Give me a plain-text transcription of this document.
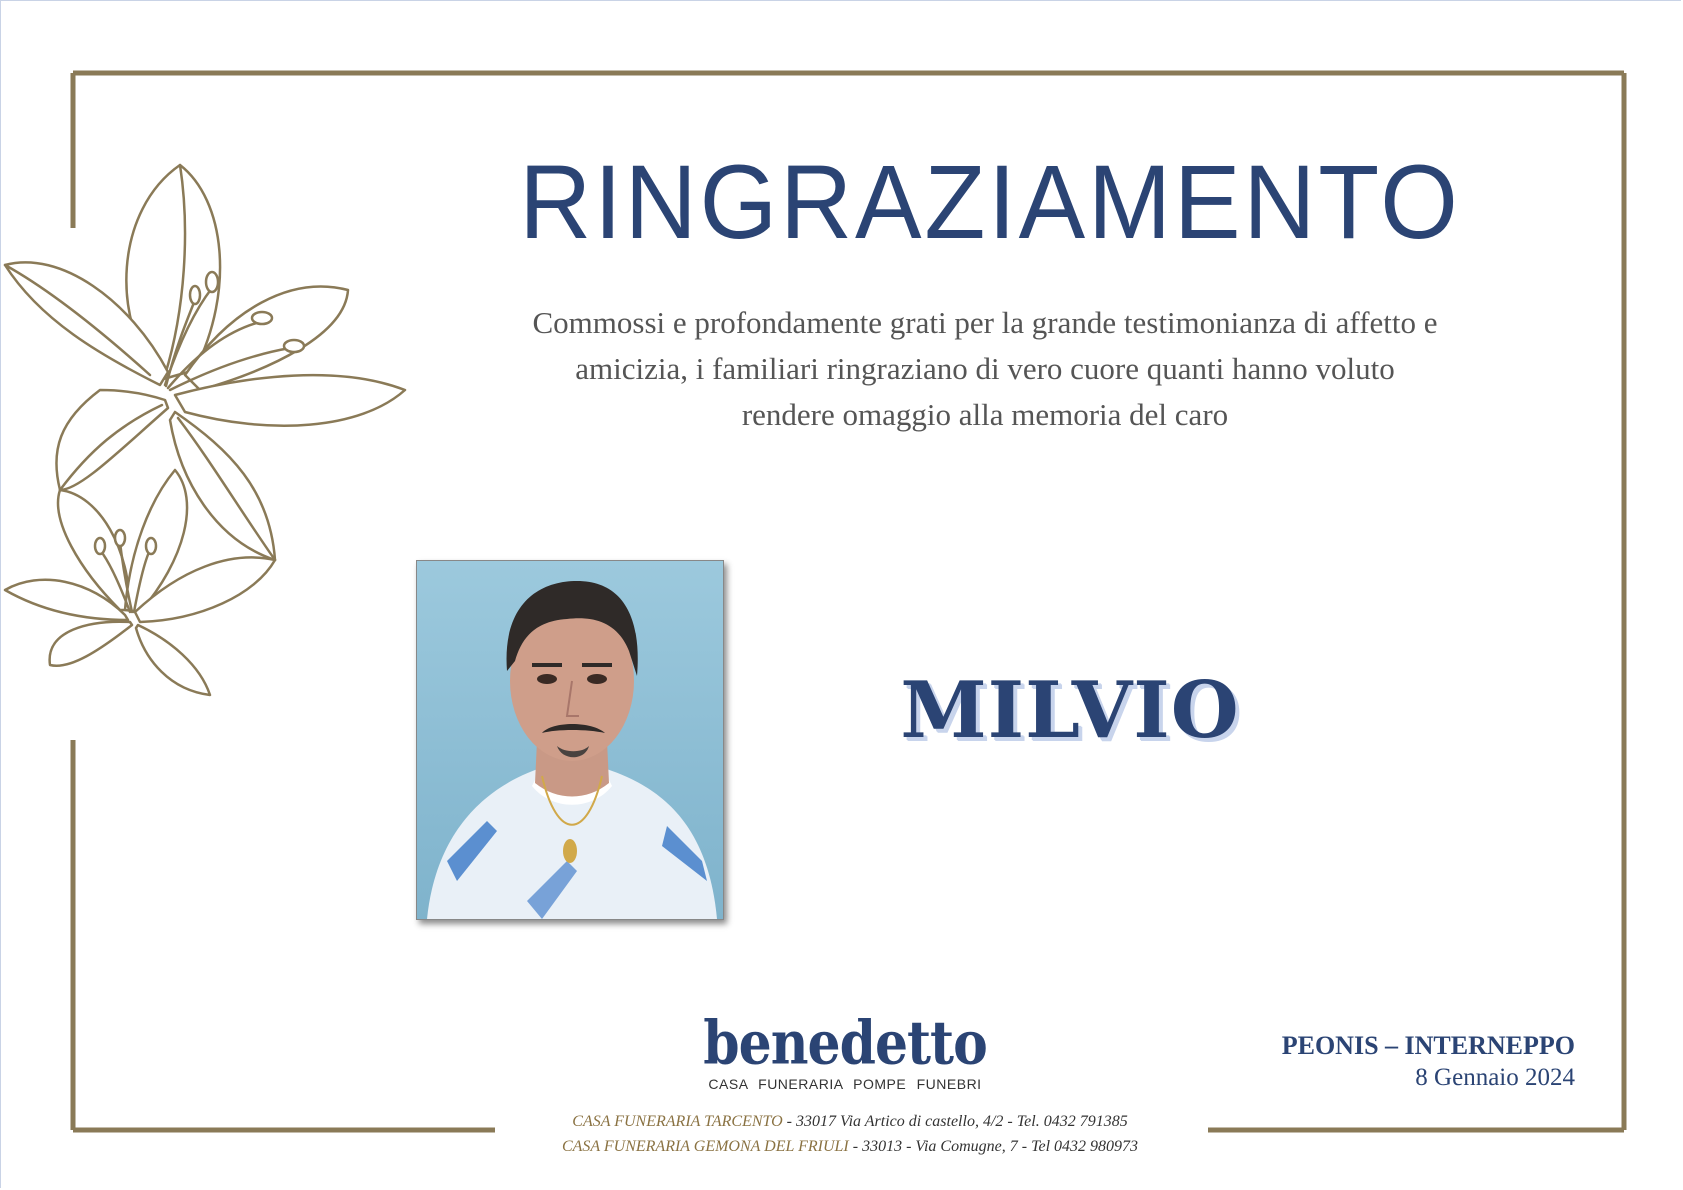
RINGRAZIAMENTO
Commossi e profondamente grati per la grande testimonianza di affetto e
amicizia, i familiari ringraziano di vero cuore quanti hanno voluto
rendere omaggio alla memoria del caro
MILVIO
benedetto
CASA FUNERARIA POMPE FUNEBRI
CASA FUNERARIA TARCENTO - 33017 Via Artico di castello, 4/2 - Tel. 0432 791385
CASA FUNERARIA GEMONA DEL FRIULI - 33013 - Via Comugne, 7 - Tel 0432 980973
PEONIS – INTERNEPPO
8 Gennaio 2024
